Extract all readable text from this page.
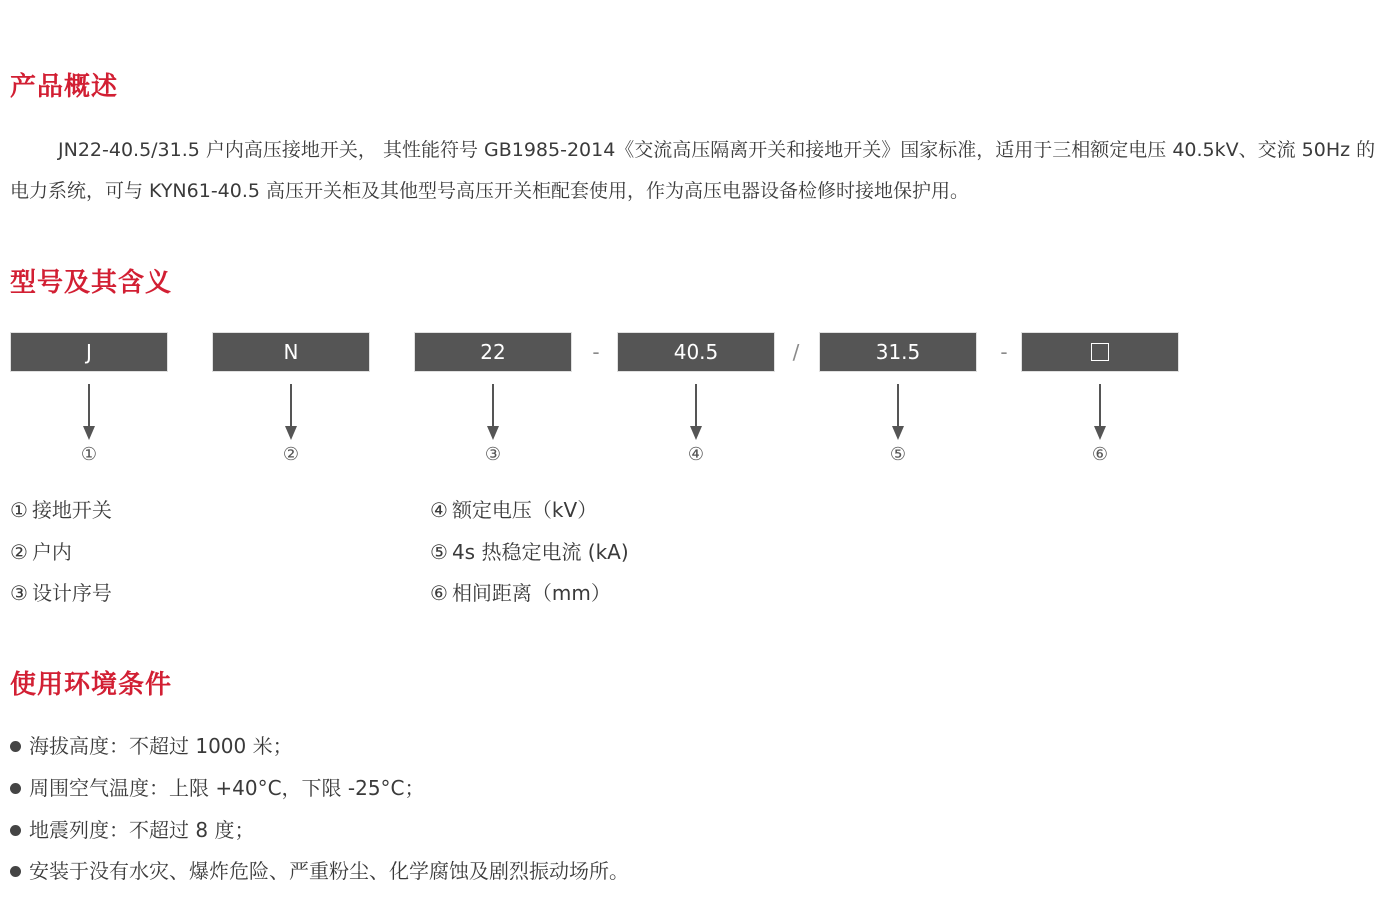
产品概述

JN22-40.5/31.5 户内高压接地开关， 其性能符号 GB1985-2014《交流高压隔离开关和接地开关》国家标准，适用于三相额定电压 40.5kV、交流 50Hz 的电力系统，可与 KYN61-40.5 高压开关柜及其他型号高压开关柜配套使用，作为高压电器设备检修时接地保护用。

型号及其含义
J	N	22	-	40.5	/	31.5	-
①	②	③	④	⑤	⑥
① 接地开关
② 户内
③ 设计序号
④ 额定电压（kV）
⑤ 4s 热稳定电流 (kA)
⑥ 相间距离（mm）
使用环境条件
海拔高度：不超过 1000 米；
周围空气温度：上限 +40°C，下限 -25°C；
地震列度：不超过 8 度；
安装于没有水灾、爆炸危险、严重粉尘、化学腐蚀及剧烈振动场所。
